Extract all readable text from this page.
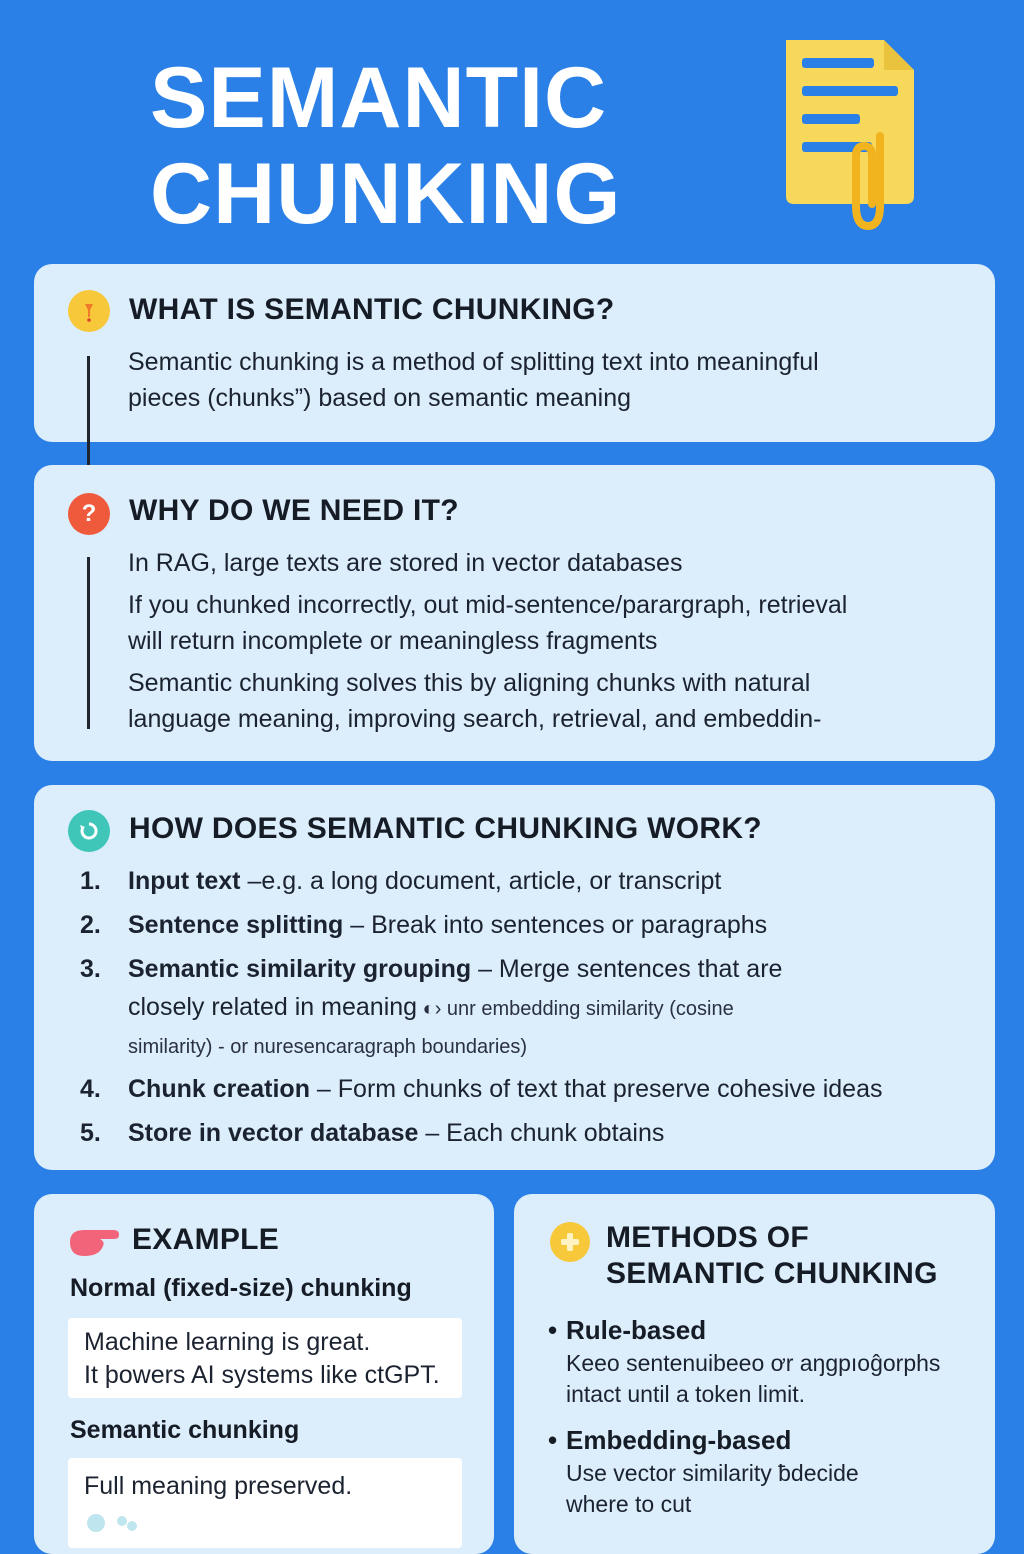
SEMANTIC
CHUNKING
WHAT IS SEMANTIC CHUNKING?
Semantic chunking is a method of splitting text into meaningful
pieces (chunks”) based on semantic meaning
?	WHY DO WE NEED IT?

In RAG, large texts are stored in vector databases

If you chunked incorrectly, out mid-sentence/parargraph, retrieval
will return incomplete or meaningless fragments

Semantic chunking solves this by aligning chunks with natural
language meaning, improving search, retrieval, and embeddin-

HOW DOES SEMANTIC CHUNKING WORK?
1. Input text –e.g. a long document, article, or transcript
2. Sentence splitting – Break into sentences or paragraphs
3. Semantic similarity grouping – Merge sentences that are
closely related in meaning ◐› unr embedding similarity (cosine
similarity) - or nuresencaragraph boundaries)
4. Chunk creation – Form chunks of text that preserve cohesive ideas
5. Store in vector database – Each chunk obtains
EXAMPLE
Normal (fixed-size) chunking
Machine learning is great.
It þowers AI systems like ctGPT.
Semantic chunking
Full meaning preserved.
METHODS OF
SEMANTIC CHUNKING
• Rule-based
Keeo sentenuibeeo ơr aŋgpıoĝorphs
intact until a token limit.
• Embedding-based
Use vector similarity ƀdecide
where to cut
